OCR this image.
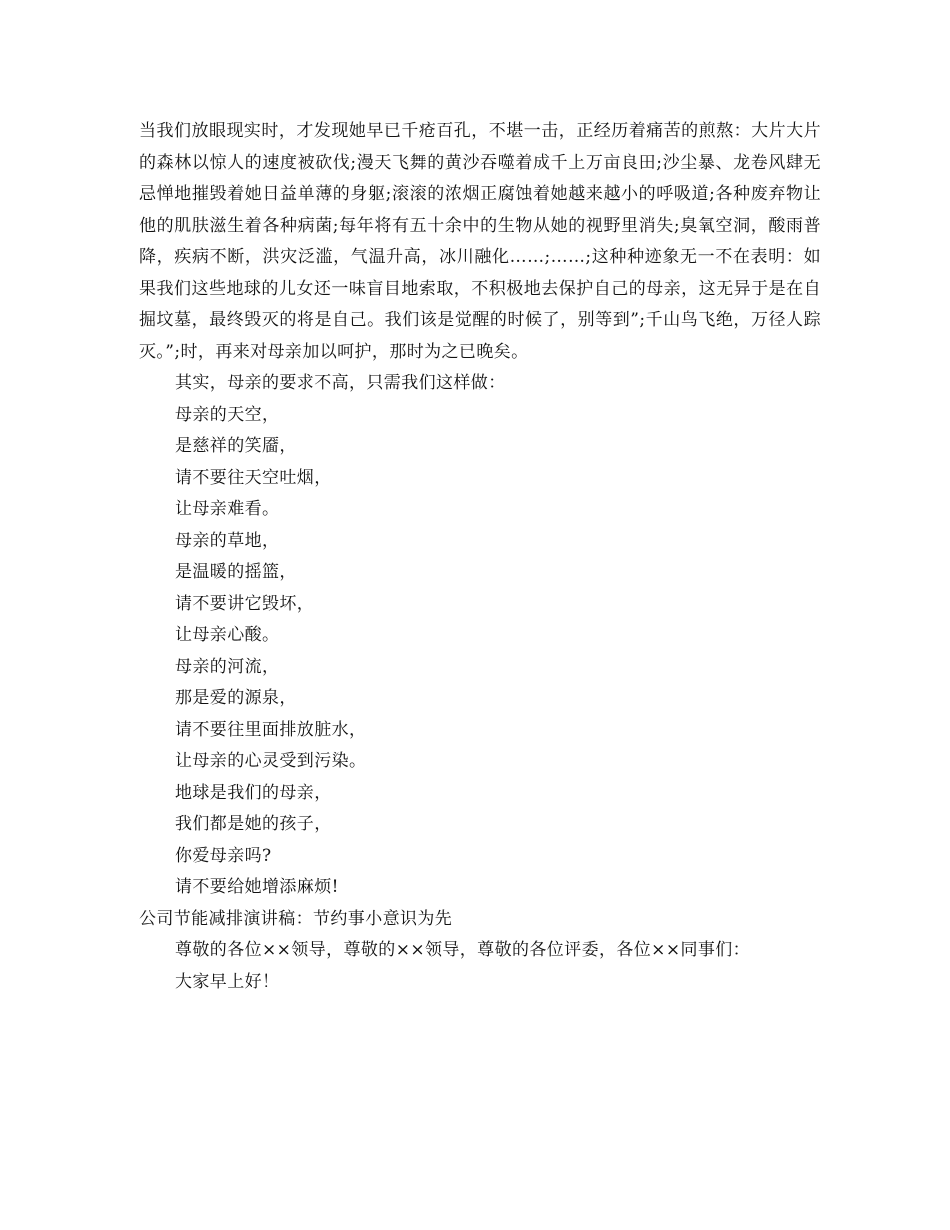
当我们放眼现实时，才发现她早已千疮百孔，不堪一击，正经历着痛苦的煎熬：大片大片的森林以惊人的速度被砍伐;漫天飞舞的黄沙吞噬着成千上万亩良田;沙尘暴、龙卷风肆无忌惮地摧毁着她日益单薄的身躯;滚滚的浓烟正腐蚀着她越来越小的呼吸道;各种废弃物让他的肌肤滋生着各种病菌;每年将有五十余中的生物从她的视野里消失;臭氧空洞，酸雨普降，疾病不断，洪灾泛滥，气温升高，冰川融化……;……;这种种迹象无一不在表明：如果我们这些地球的儿女还一味盲目地索取，不积极地去保护自己的母亲，这无异于是在自掘坟墓，最终毁灭的将是自己。我们该是觉醒的时候了，别等到”;千山鸟飞绝，万径人踪灭。”;时，再来对母亲加以呵护，那时为之已晚矣。

其实，母亲的要求不高，只需我们这样做：

母亲的天空，

是慈祥的笑靥，

请不要往天空吐烟，

让母亲难看。

母亲的草地，

是温暖的摇篮，

请不要讲它毁坏，

让母亲心酸。

母亲的河流，

那是爱的源泉，

请不要往里面排放脏水，

让母亲的心灵受到污染。

地球是我们的母亲，

我们都是她的孩子，

你爱母亲吗?

请不要给她增添麻烦!

公司节能减排演讲稿：节约事小意识为先

尊敬的各位××领导，尊敬的××领导，尊敬的各位评委，各位××同事们：

大家早上好！
